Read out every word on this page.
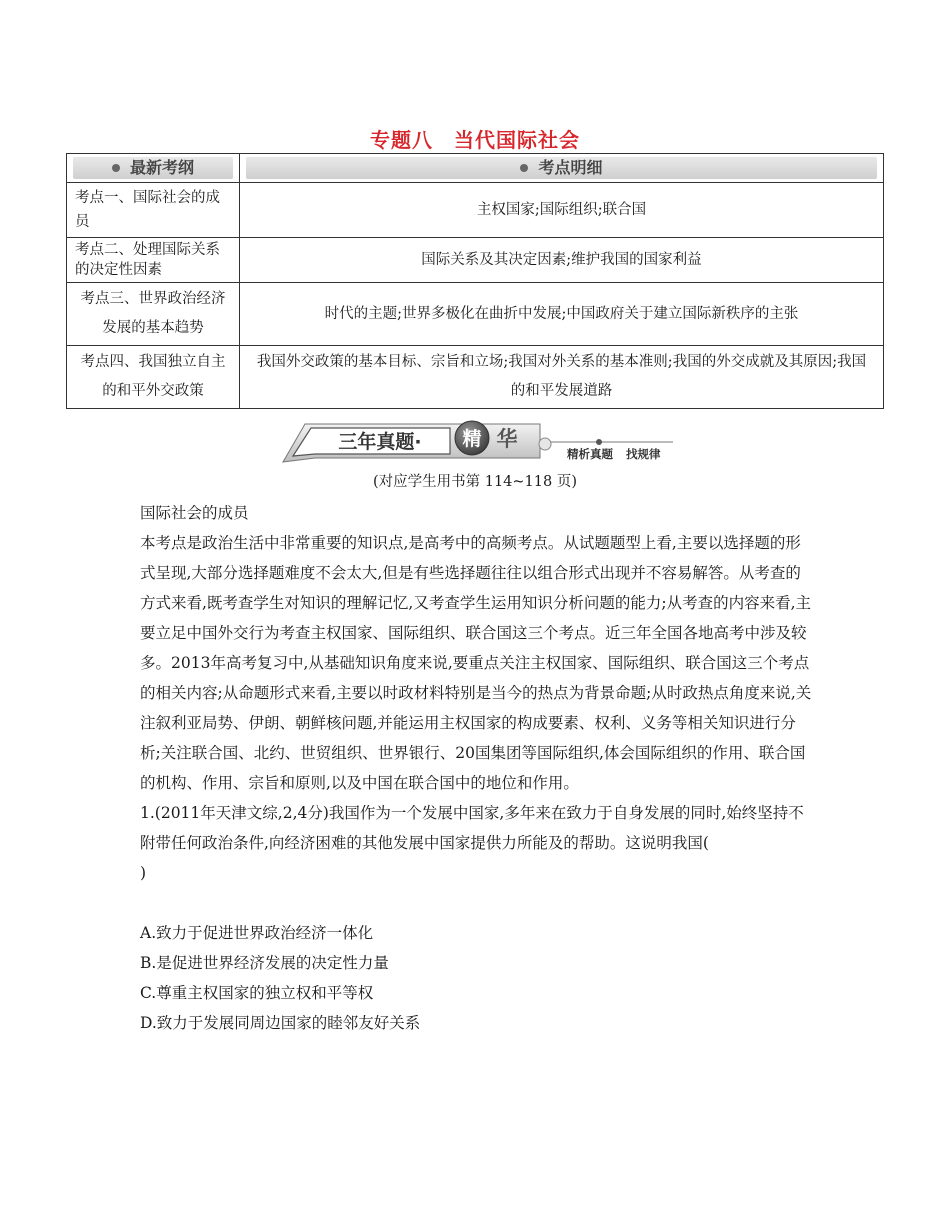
专题八　当代国际社会
最新考纲	考点明细

考点一、国际社会的成员	主权国家;国际组织;联合国
考点二、处理国际关系的决定性因素	国际关系及其决定因素;维护我国的国家利益
考点三、世界政治经济发展的基本趋势	时代的主题;世界多极化在曲折中发展;中国政府关于建立国际新秩序的主张
考点四、我国独立自主的和平外交政策	我国外交政策的基本目标、宗旨和立场;我国对外关系的基本准则;我国的外交成就及其原因;我国的和平发展道路
三年真题· 精 华
精析真题 找规律
(对应学生用书第 114~118 页)

国际社会的成员

本考点是政治生活中非常重要的知识点,是高考中的高频考点。从试题题型上看,主要以选择题的形式呈现,大部分选择题难度不会太大,但是有些选择题往往以组合形式出现并不容易解答。从考查的方式来看,既考查学生对知识的理解记忆,又考查学生运用知识分析问题的能力;从考查的内容来看,主要立足中国外交行为考查主权国家、国际组织、联合国这三个考点。近三年全国各地高考中涉及较多。2013年高考复习中,从基础知识角度来说,要重点关注主权国家、国际组织、联合国这三个考点的相关内容;从命题形式来看,主要以时政材料特别是当今的热点为背景命题;从时政热点角度来说,关注叙利亚局势、伊朗、朝鲜核问题,并能运用主权国家的构成要素、权利、义务等相关知识进行分析;关注联合国、北约、世贸组织、世界银行、20国集团等国际组织,体会国际组织的作用、联合国的机构、作用、宗旨和原则,以及中国在联合国中的地位和作用。

1.(2011年天津文综,2,4分)我国作为一个发展中国家,多年来在致力于自身发展的同时,始终坚持不附带任何政治条件,向经济困难的其他发展中国家提供力所能及的帮助。这说明我国(

)

A.致力于促进世界政治经济一体化

B.是促进世界经济发展的决定性力量

C.尊重主权国家的独立权和平等权

D.致力于发展同周边国家的睦邻友好关系
